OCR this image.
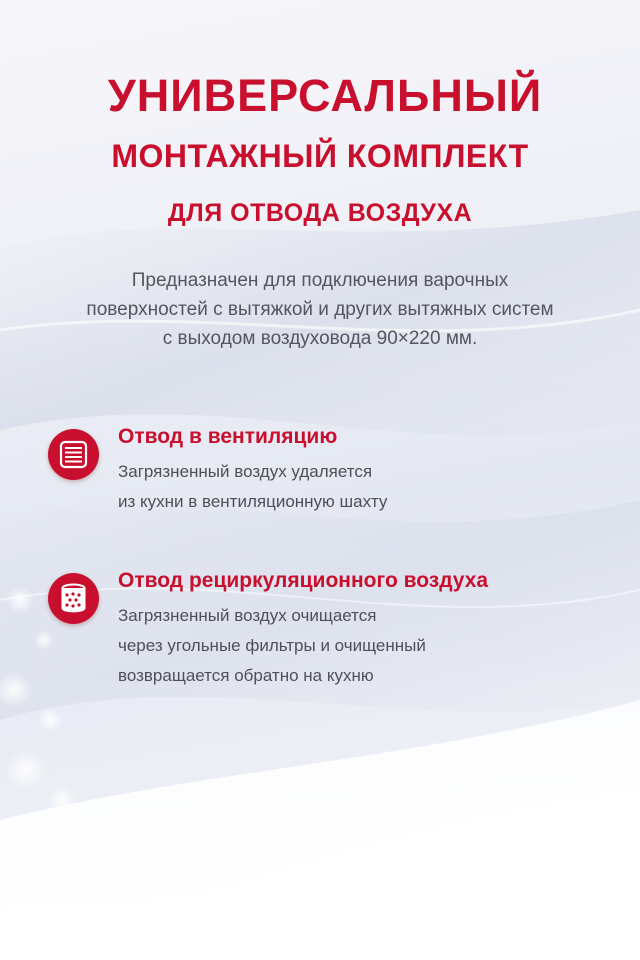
УНИВЕРСАЛЬНЫЙ
МОНТАЖНЫЙ КОМПЛЕКТ
ДЛЯ ОТВОДА ВОЗДУХА
Предназначен для подключения варочных
поверхностей с вытяжкой и других вытяжных систем
с выходом воздуховода 90×220 мм.
Отвод в вентиляцию
Загрязненный воздух удаляется
из кухни в вентиляционную шахту
Отвод рециркуляционного воздуха
Загрязненный воздух очищается
через угольные фильтры и очищенный
возвращается обратно на кухню
